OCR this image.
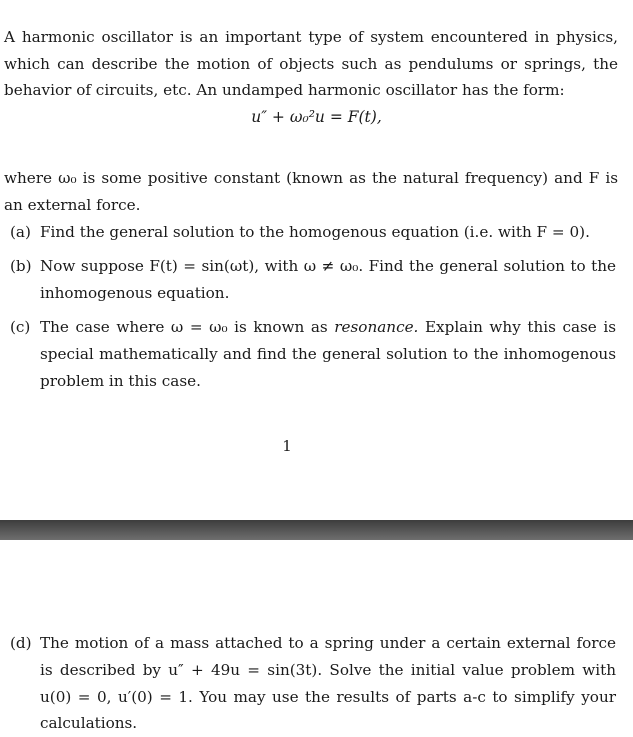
A harmonic oscillator is an important type of system encountered in physics, which can describe the motion of objects such as pendulums or springs, the behavior of circuits, etc. An undamped harmonic oscillator has the form:

u″ + ω₀²u = F(t),

where ω₀ is some positive constant (known as the natural frequency) and F is an external force.

(a) Find the general solution to the homogenous equation (i.e. with F = 0).
(b) Now suppose F(t) = sin(ωt), with ω ≠ ω₀. Find the general solution to the inhomogenous equation.
(c) The case where ω = ω₀ is known as resonance. Explain why this case is special mathematically and find the general solution to the inhomogenous problem in this case.
1
(d) The motion of a mass attached to a spring under a certain external force is described by u″ + 49u = sin(3t). Solve the initial value problem with u(0) = 0, u′(0) = 1. You may use the results of parts a-c to simplify your calculations.
